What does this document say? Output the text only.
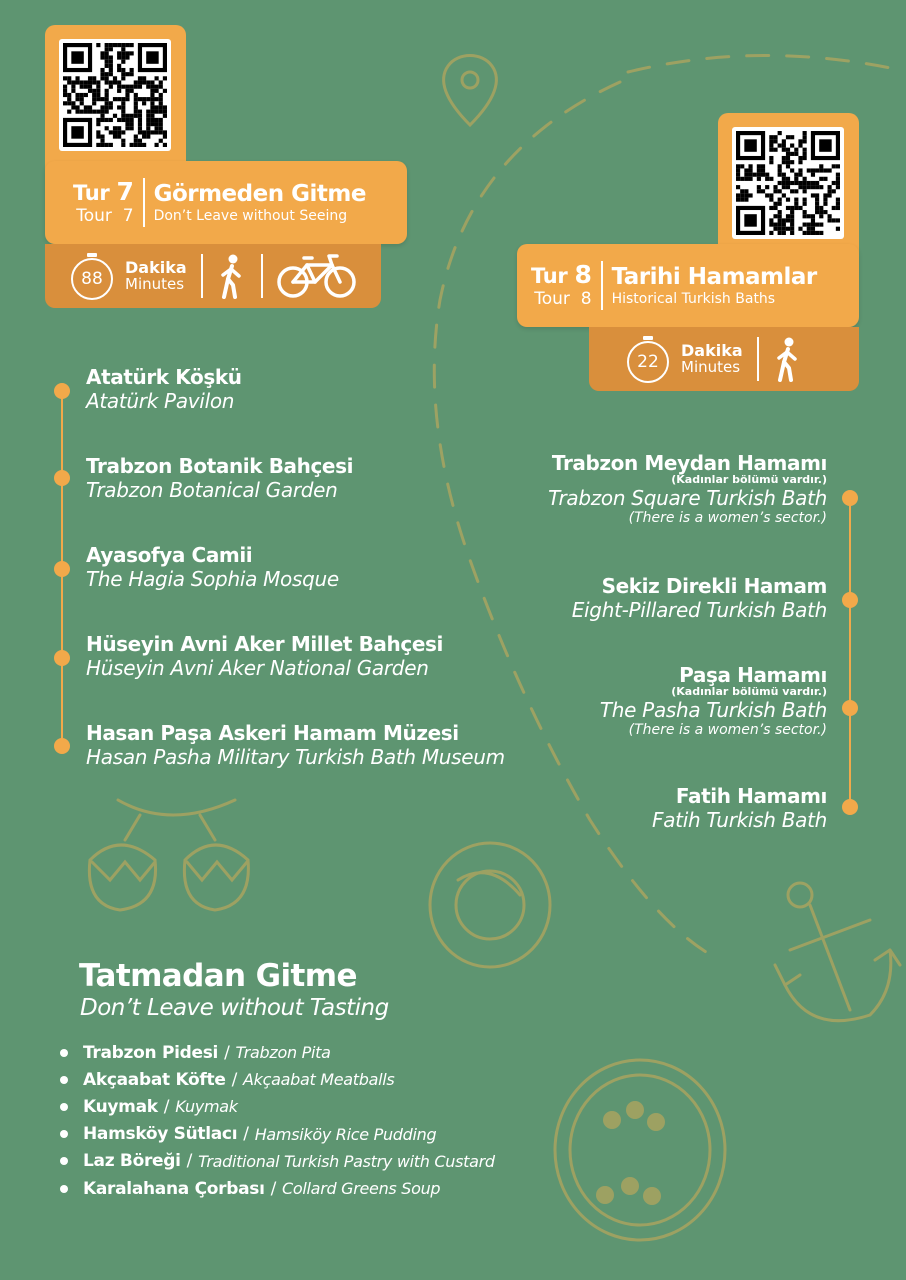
Tur 7
Tour  7
Görmeden Gitme
Don’t Leave without Seeing
88
Dakika
Minutes	Tur 8
Tour  8
Tarihi Hamamlar
Historical Turkish Baths
22
Dakika
Minutes
Atatürk Köşkü
Atatürk Pavilon
Trabzon Botanik Bahçesi
Trabzon Botanical Garden
Ayasofya Camii
The Hagia Sophia Mosque
Hüseyin Avni Aker Millet Bahçesi
Hüseyin Avni Aker National Garden
Hasan Paşa Askeri Hamam Müzesi
Hasan Pasha Military Turkish Bath Museum
Trabzon Meydan Hamamı
(Kadınlar bölümü vardır.)
Trabzon Square Turkish Bath
(There is a women’s sector.)
Sekiz Direkli Hamam
Eight-Pillared Turkish Bath
Paşa Hamamı
(Kadınlar bölümü vardır.)
The Pasha Turkish Bath
(There is a women’s sector.)
Fatih Hamamı
Fatih Turkish Bath
Tatmadan Gitme
Don’t Leave without Tasting
Trabzon Pidesi / Trabzon Pita
Akçaabat Köfte / Akçaabat Meatballs
Kuymak / Kuymak
Hamsköy Sütlacı / Hamsiköy Rice Pudding
Laz Böreği / Traditional Turkish Pastry with Custard
Karalahana Çorbası / Collard Greens Soup
